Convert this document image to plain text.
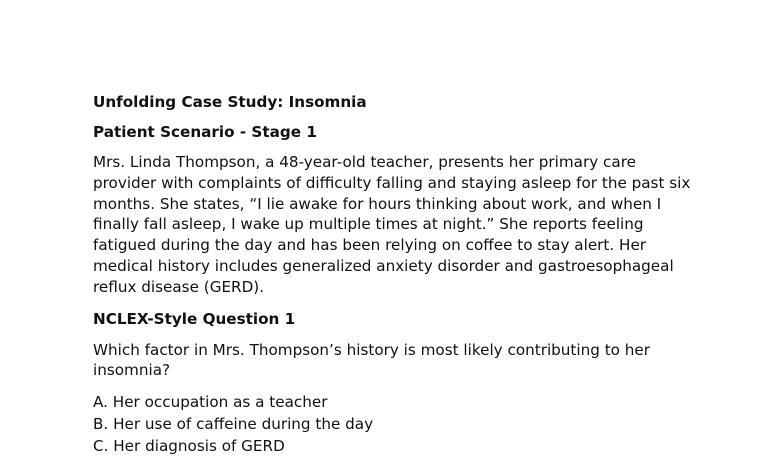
Unfolding Case Study: Insomnia

Patient Scenario - Stage 1

Mrs. Linda Thompson, a 48-year-old teacher, presents her primary care provider with complaints of difficulty falling and staying asleep for the past six months. She states, “I lie awake for hours thinking about work, and when I finally fall asleep, I wake up multiple times at night.” She reports feeling fatigued during the day and has been relying on coffee to stay alert. Her medical history includes generalized anxiety disorder and gastroesophageal reflux disease (GERD).

NCLEX-Style Question 1

Which factor in Mrs. Thompson’s history is most likely contributing to her insomnia?

A. Her occupation as a teacher
B. Her use of caffeine during the day
C. Her diagnosis of GERD
